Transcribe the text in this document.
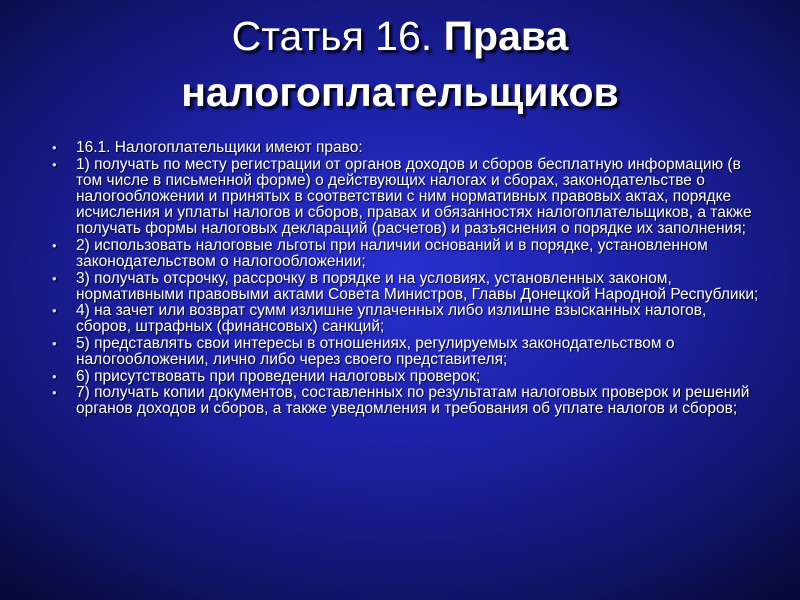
Статья 16. Права налогоплательщиков
• 16.1. Налогоплательщики имеют право:
• 1) получать по месту регистрации от органов доходов и сборов бесплатную информацию (в том числе в письменной форме) о действующих налогах и сборах, законодательстве о налогообложении и принятых в соответствии с ним нормативных правовых актах, порядке исчисления и уплаты налогов и сборов, правах и обязанностях налогоплательщиков, а также получать формы налоговых деклараций (расчетов) и разъяснения о порядке их заполнения;
• 2) использовать налоговые льготы при наличии оснований и в порядке, установленном законодательством о налогообложении;
• 3) получать отсрочку, рассрочку в порядке и на условиях, установленных законом, нормативными правовыми актами Совета Министров, Главы Донецкой Народной Республики;
• 4) на зачет или возврат сумм излишне уплаченных либо излишне взысканных налогов, сборов, штрафных (финансовых) санкций;
• 5) представлять свои интересы в отношениях, регулируемых законодательством о налогообложении, лично либо через своего представителя;
• 6) присутствовать при проведении налоговых проверок;
• 7) получать копии документов, составленных по результатам налоговых проверок и решений органов доходов и сборов, а также уведомления и требования об уплате налогов и сборов;
